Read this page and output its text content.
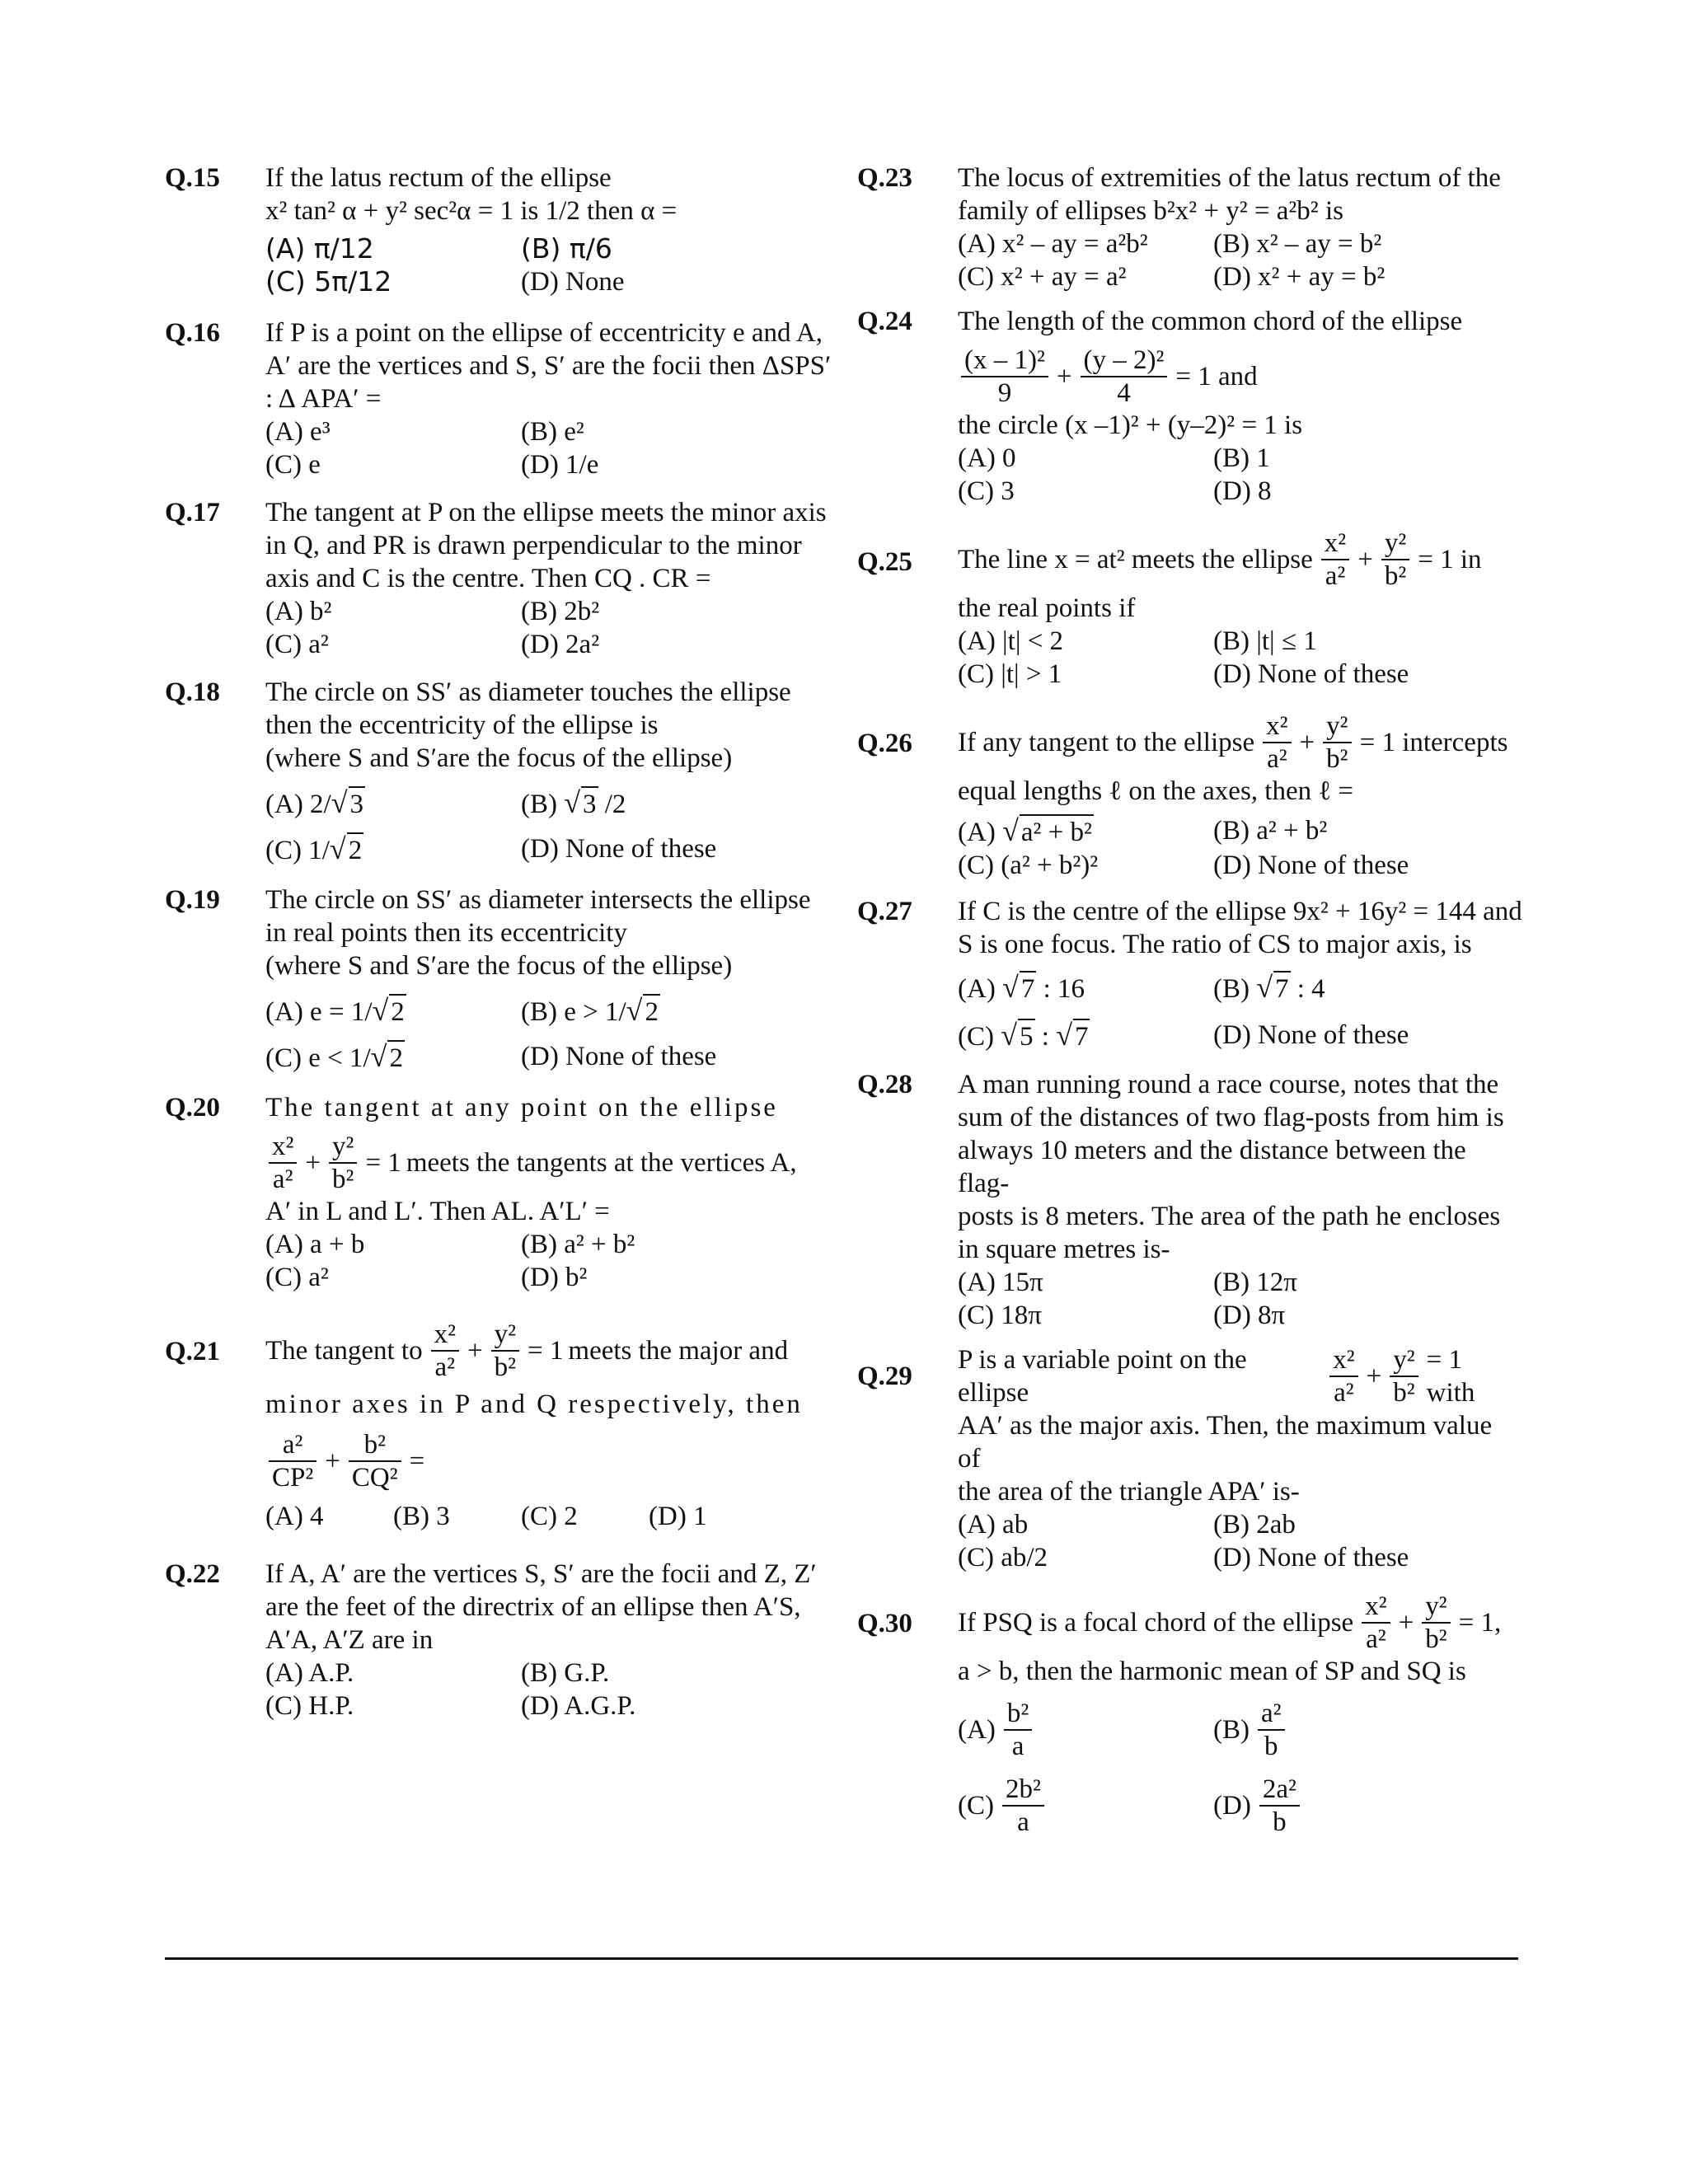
Q.15 If the latus rectum of the ellipse
x² tan² α + y² sec²α = 1 is 1/2 then α =
(A) π/12	(B) π/6
(C) 5π/12	(D) None
Q.16 If P is a point on the ellipse of eccentricity e and A,
A′ are the vertices and S, S′ are the focii then ΔSPS′
: Δ APA′ =
(A) e³	(B) e²
(C) e	(D) 1/e
Q.17 The tangent at P on the ellipse meets the minor axis
in Q, and PR is drawn perpendicular to the minor
axis and C is the centre. Then CQ . CR =
(A) b²	(B) 2b²
(C) a²	(D) 2a²
Q.18 The circle on SS′ as diameter touches the ellipse
then the eccentricity of the ellipse is
(where S and S′are the focus of the ellipse)
(A) 2/√3	(B) √3 /2
(C) 1/√2	(D) None of these
Q.19 The circle on SS′ as diameter intersects the ellipse
in real points then its eccentricity
(where S and S′are the focus of the ellipse)
(A) e = 1/√2	(B) e > 1/√2
(C) e < 1/√2	(D) None of these
Q.20 The tangent at any point on the ellipse
$\frac{\text{x²}}{\text{a²}} + \frac{\text{y²}}{\text{b²}} = 1$ meets the tangents at the vertices A,
A′ in L and L′. Then AL. A′L′ =
(A) a + b	(B) a² + b²
(C) a²	(D) b²
Q.21 The tangent to $\frac{\text{x²}}{\text{a²}} + \frac{\text{y²}}{\text{b²}} = 1$ meets the major and
minor axes in P and Q respectively, then
$\frac{\text{a²}}{\text{CP²}} + \frac{\text{b²}}{\text{CQ²}}$ =
(A) 4	(B) 3	(C) 2	(D) 1
Q.22 If A, A′ are the vertices S, S′ are the focii and Z, Z′
are the feet of the directrix of an ellipse then A′S,
A′A, A′Z are in
(A) A.P.	(B) G.P.
(C) H.P.	(D) A.G.P.
Q.23 The locus of extremities of the latus rectum of the
family of ellipses b²x² + y² = a²b² is
(A) x² – ay = a²b²	(B) x² – ay = b²
(C) x² + ay = a²	(D) x² + ay = b²
Q.24 The length of the common chord of the ellipse
$\frac{\text{(x – 1)²}}{9} + \frac{\text{(y – 2)²}}{4} = 1$ and
the circle (x –1)² + (y–2)² = 1 is
(A) 0	(B) 1
(C) 3	(D) 8
Q.25 The line x = at² meets the ellipse $\frac{\text{x²}}{\text{a²}} + \frac{\text{y²}}{\text{b²}} = 1$ in
the real points if
(A) |t| < 2	(B) |t| ≤ 1
(C) |t| > 1	(D) None of these
Q.26 If any tangent to the ellipse $\frac{\text{x²}}{\text{a²}} + \frac{\text{y²}}{\text{b²}} = 1$ intercepts
equal lengths ℓ on the axes, then ℓ =
(A) √a² + b²	(B) a² + b²
(C) (a² + b²)²	(D) None of these
Q.27 If C is the centre of the ellipse 9x² + 16y² = 144 and
S is one focus. The ratio of CS to major axis, is
(A) √7 : 16	(B) √7 : 4
(C) √5 : √7	(D) None of these
Q.28 A man running round a race course, notes that the
sum of the distances of two flag-posts from him is
always 10 meters and the distance between the flag-
posts is 8 meters. The area of the path he encloses
in square metres is-
(A) 15π	(B) 12π
(C) 18π	(D) 8π
Q.29
P is a variable point on the ellipse	$\frac{\text{x²}}{\text{a²}} + \frac{\text{y²}}{\text{b²}} = 1$ with
AA′ as the major axis. Then, the maximum value of
the area of the triangle APA′ is-
(A) ab	(B) 2ab
(C) ab/2	(D) None of these
Q.30 If PSQ is a focal chord of the ellipse $\frac{\text{x²}}{\text{a²}} + \frac{\text{y²}}{\text{b²}} = 1$,
a > b, then the harmonic mean of SP and SQ is
$(A) \frac{\text{b²}}{a}$	$(B) \frac{\text{a²}}{b}$
$(C) \frac{\text{2b²}}{a}$	$(D) \frac{\text{2a²}}{b}$
